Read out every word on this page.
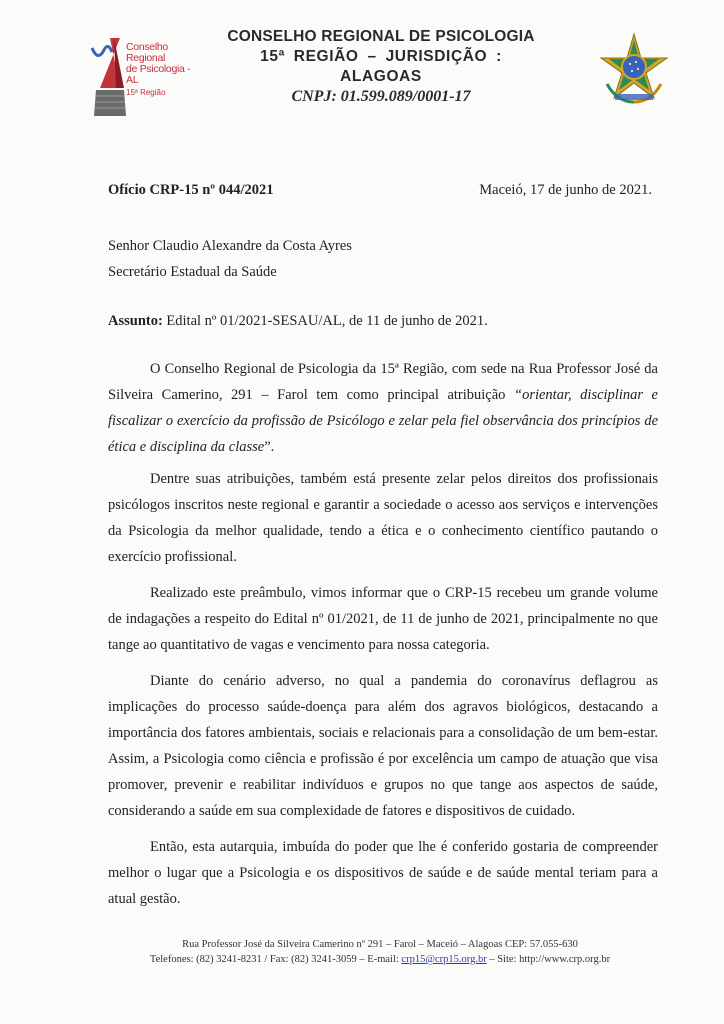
Conselho Regional
de Psicologia - AL
15ª Região
CONSELHO REGIONAL DE PSICOLOGIA
15ª REGIÃO – JURISDIÇÃO : ALAGOAS
CNPJ: 01.599.089/0001-17
Ofício CRP-15 nº 044/2021	Maceió, 17 de junho de 2021.
Senhor Claudio Alexandre da Costa Ayres
Secretário Estadual da Saúde
Assunto: Edital nº 01/2021-SESAU/AL, de 11 de junho de 2021.

O Conselho Regional de Psicologia da 15ª Região, com sede na Rua Professor José da Silveira Camerino, 291 – Farol tem como principal atribuição “orientar, disciplinar e fiscalizar o exercício da profissão de Psicólogo e zelar pela fiel observância dos princípios de ética e disciplina da classe”.

Dentre suas atribuições, também está presente zelar pelos direitos dos profissionais psicólogos inscritos neste regional e garantir a sociedade o acesso aos serviços e intervenções da Psicologia da melhor qualidade, tendo a ética e o conhecimento científico pautando o exercício profissional.

Realizado este preâmbulo, vimos informar que o CRP-15 recebeu um grande volume de indagações a respeito do Edital nº 01/2021, de 11 de junho de 2021, principalmente no que tange ao quantitativo de vagas e vencimento para nossa categoria.

Diante do cenário adverso, no qual a pandemia do coronavírus deflagrou as implicações do processo saúde-doença para além dos agravos biológicos, destacando a importância dos fatores ambientais, sociais e relacionais para a consolidação de um bem-estar. Assim, a Psicologia como ciência e profissão é por excelência um campo de atuação que visa promover, prevenir e reabilitar indivíduos e grupos no que tange aos aspectos de saúde, considerando a saúde em sua complexidade de fatores e dispositivos de cuidado.

Então, esta autarquia, imbuída do poder que lhe é conferido gostaria de compreender melhor o lugar que a Psicologia e os dispositivos de saúde e de saúde mental teriam para a atual gestão.

Rua Professor José da Silveira Camerino nº 291 – Farol – Maceió – Alagoas CEP: 57.055-630
Telefones: (82) 3241-8231 / Fax: (82) 3241-3059 – E-mail: crp15@crp15.org.br – Site: http://www.crp.org.br
